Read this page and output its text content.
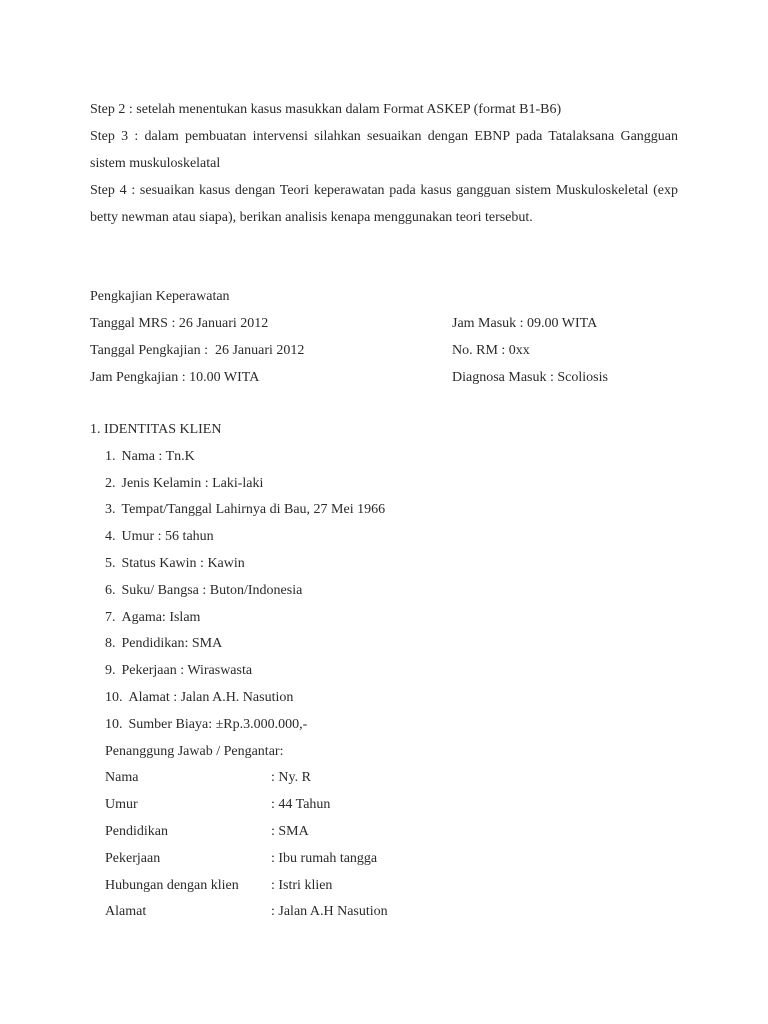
Step 2 : setelah menentukan kasus masukkan dalam Format ASKEP (format B1-B6)

Step 3 : dalam pembuatan intervensi silahkan sesuaikan dengan EBNP pada Tatalaksana Gangguan sistem muskuloskelatal

Step 4 : sesuaikan kasus dengan Teori keperawatan pada kasus gangguan sistem Muskuloskeletal (exp betty newman atau siapa), berikan analisis kenapa menggunakan teori tersebut.

Pengkajian Keperawatan
Tanggal MRS : 26 Januari 2012	Jam Masuk : 09.00 WITA
Tanggal Pengkajian :  26 Januari 2012	No. RM : 0xx
Jam Pengkajian : 10.00 WITA	Diagnosa Masuk : Scoliosis
1. IDENTITAS KLIEN
1. Nama : Tn.K
2. Jenis Kelamin : Laki-laki
3. Tempat/Tanggal Lahirnya di Bau, 27 Mei 1966
4. Umur : 56 tahun
5. Status Kawin : Kawin
6. Suku/ Bangsa : Buton/Indonesia
7. Agama: Islam
8. Pendidikan: SMA
9. Pekerjaan : Wiraswasta
10. Alamat : Jalan A.H. Nasution
10. Sumber Biaya: ±Rp.3.000.000,-
Penanggung Jawab / Pengantar:
Nama	: Ny. R
Umur	: 44 Tahun
Pendidikan	: SMA
Pekerjaan	: Ibu rumah tangga
Hubungan dengan klien : Istri klien
Alamat	: Jalan A.H Nasution
